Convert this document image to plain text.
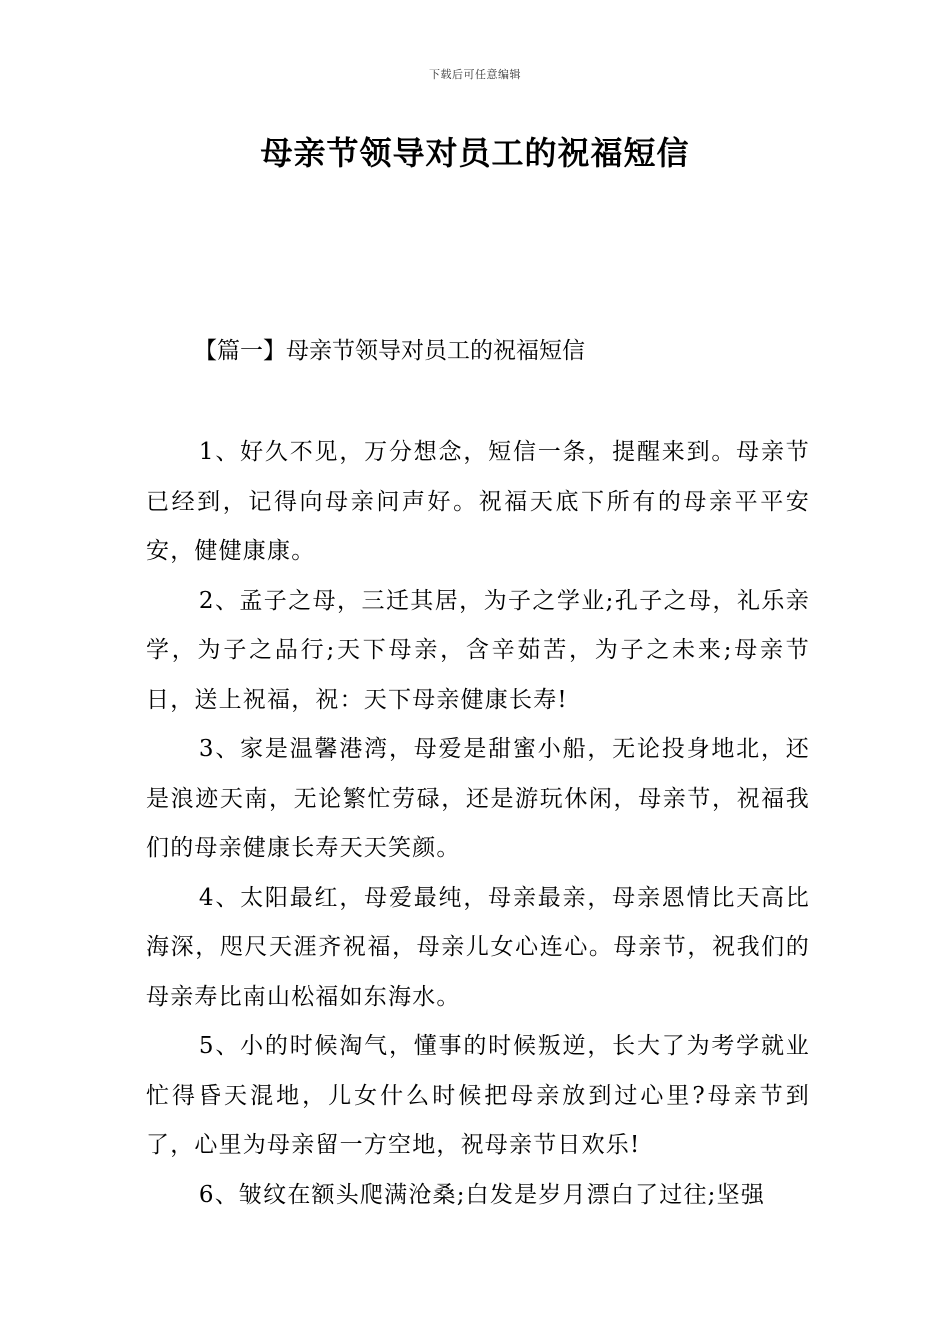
下载后可任意编辑
母亲节领导对员工的祝福短信
【篇一】母亲节领导对员工的祝福短信

1、好久不见，万分想念，短信一条，提醒来到。母亲节已经到，记得向母亲问声好。祝福天底下所有的母亲平平安安，健健康康。

2、孟子之母，三迁其居，为子之学业;孔子之母，礼乐亲学，为子之品行;天下母亲，含辛茹苦，为子之未来;母亲节日，送上祝福，祝：天下母亲健康长寿!

3、家是温馨港湾，母爱是甜蜜小船，无论投身地北，还是浪迹天南，无论繁忙劳碌，还是游玩休闲，母亲节，祝福我们的母亲健康长寿天天笑颜。

4、太阳最红，母爱最纯，母亲最亲，母亲恩情比天高比海深，咫尺天涯齐祝福，母亲儿女心连心。母亲节，祝我们的母亲寿比南山松福如东海水。

5、小的时候淘气，懂事的时候叛逆，长大了为考学就业忙得昏天混地，儿女什么时候把母亲放到过心里?母亲节到了，心里为母亲留一方空地，祝母亲节日欢乐!

6、皱纹在额头爬满沧桑;白发是岁月漂白了过往;坚强
